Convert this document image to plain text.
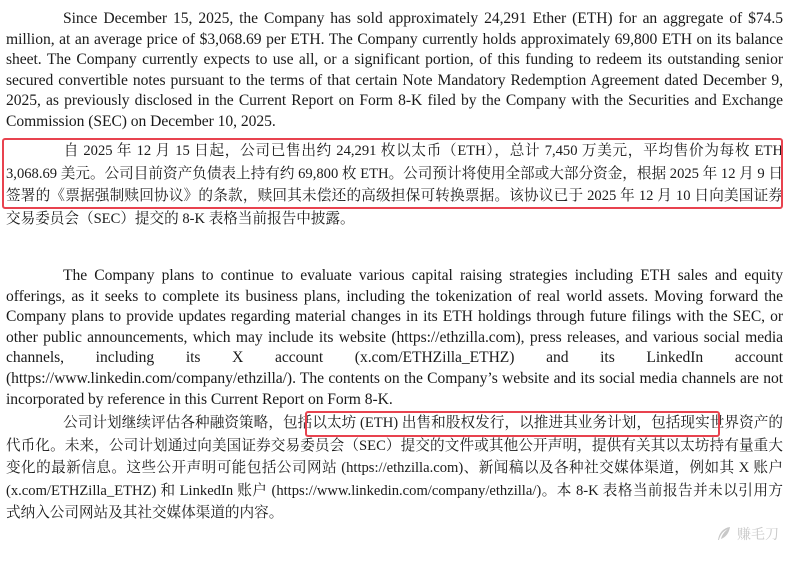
Since December 15, 2025, the Company has sold approximately 24,291 Ether (ETH) for an aggregate of $74.5 million, at an average price of $3,068.69 per ETH. The Company currently holds approximately 69,800 ETH on its balance sheet. The Company currently expects to use all, or a significant portion, of this funding to redeem its outstanding senior secured convertible notes pursuant to the terms of that certain Note Mandatory Redemption Agreement dated December 9, 2025, as previously disclosed in the Current Report on Form 8-K filed by the Company with the Securities and Exchange Commission (SEC) on December 10, 2025.

自 2025 年 12 月 15 日起，公司已售出约 24,291 枚以太币（ETH），总计 7,450 万美元，平均售价为每枚 ETH 3,068.69 美元。公司目前资产负债表上持有约 69,800 枚 ETH。公司预计将使用全部或大部分资金，根据 2025 年 12 月 9 日签署的《票据强制赎回协议》的条款，赎回其未偿还的高级担保可转换票据。该协议已于 2025 年 12 月 10 日向美国证券交易委员会（SEC）提交的 8-K 表格当前报告中披露。

The Company plans to continue to evaluate various capital raising strategies including ETH sales and equity offerings, as it seeks to complete its business plans, including the tokenization of real world assets. Moving forward the Company plans to provide updates regarding material changes in its ETH holdings through future filings with the SEC, or other public announcements, which may include its website (https://ethzilla.com), press releases, and various social media channels, including its X account (x.com/ETHZilla_ETHZ) and its LinkedIn account (https://www.linkedin.com/company/ethzilla/). The contents on the Company’s website and its social media channels are not incorporated by reference in this Current Report on Form 8-K.

公司计划继续评估各种融资策略，包括以太坊 (ETH) 出售和股权发行，以推进其业务计划，包括现实世界资产的代币化。未来，公司计划通过向美国证券交易委员会（SEC）提交的文件或其他公开声明，提供有关其以太坊持有量重大变化的最新信息。这些公开声明可能包括公司网站 (https://ethzilla.com)、新闻稿以及各种社交媒体渠道，例如其 X 账户 (x.com/ETHZilla_ETHZ) 和 LinkedIn 账户 (https://www.linkedin.com/company/ethzilla/)。本 8-K 表格当前报告并未以引用方式纳入公司网站及其社交媒体渠道的内容。

赚毛刀
